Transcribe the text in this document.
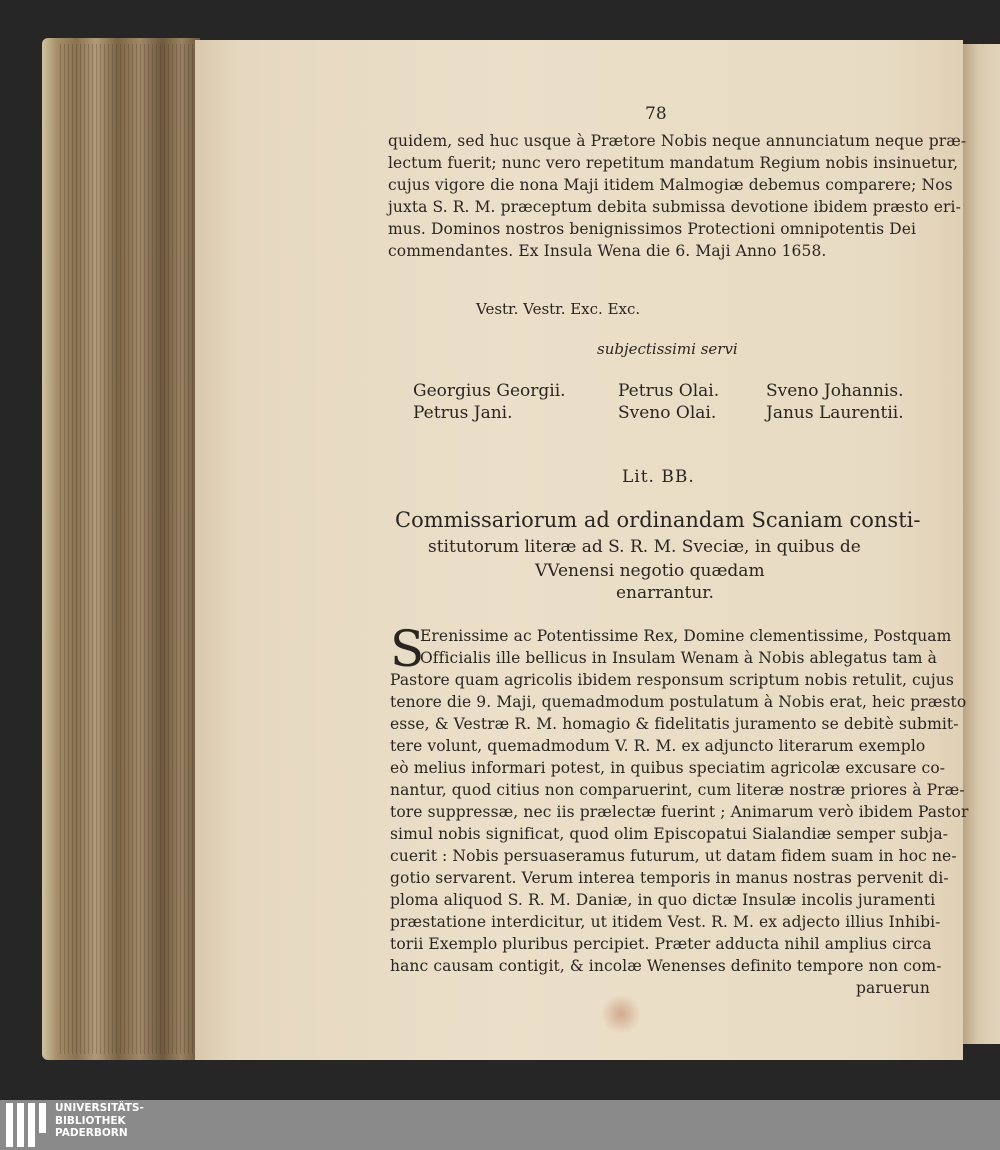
78
quidem, sed huc usque à Prætore Nobis neque annunciatum neque præ-
lectum fuerit; nunc vero repetitum mandatum Regium nobis insinuetur,
cujus vigore die nona Maji itidem Malmogiæ debemus comparere; Nos
juxta S. R. M. præceptum debita submissa devotione ibidem præsto eri-
mus. Dominos nostros benignissimos Protectioni omnipotentis Dei
commendantes. Ex Insula Wena die 6. Maji Anno 1658.
Vestr. Vestr. Exc. Exc.
subjectissimi servi
Georgius Georgii.	Petrus Olai.	Sveno Johannis.
Petrus Jani.	Sveno Olai.	Janus Laurentii.
Lit. BB.
Commissariorum ad ordinandam Scaniam consti-
stitutorum literæ ad S. R. M. Sveciæ, in quibus de
VVenensi negotio quædam
enarrantur.
S
Erenissime ac Potentissime Rex, Domine clementissime, Postquam
Officialis ille bellicus in Insulam Wenam à Nobis ablegatus tam à
Pastore quam agricolis ibidem responsum scriptum nobis retulit, cujus
tenore die 9. Maji, quemadmodum postulatum à Nobis erat, heic præsto
esse, & Vestræ R. M. homagio & fidelitatis juramento se debitè submit-
tere volunt, quemadmodum V. R. M. ex adjuncto literarum exemplo
eò melius informari potest, in quibus speciatim agricolæ excusare co-
nantur, quod citius non comparuerint, cum literæ nostræ priores à Præ-
tore suppressæ, nec iis prælectæ fuerint ; Animarum verò ibidem Pastor
simul nobis significat, quod olim Episcopatui Sialandiæ semper subja-
cuerit : Nobis persuaseramus futurum, ut datam fidem suam in hoc ne-
gotio servarent. Verum interea temporis in manus nostras pervenit di-
ploma aliquod S. R. M. Daniæ, in quo dictæ Insulæ incolis juramenti
præstatione interdicitur, ut itidem Vest. R. M. ex adjecto illius Inhibi-
torii Exemplo pluribus percipiet. Præter adducta nihil amplius circa
hanc causam contigit, & incolæ Wenenses definito tempore non com-
paruerun
UNIVERSITÄTS-
BIBLIOTHEK
PADERBORN
